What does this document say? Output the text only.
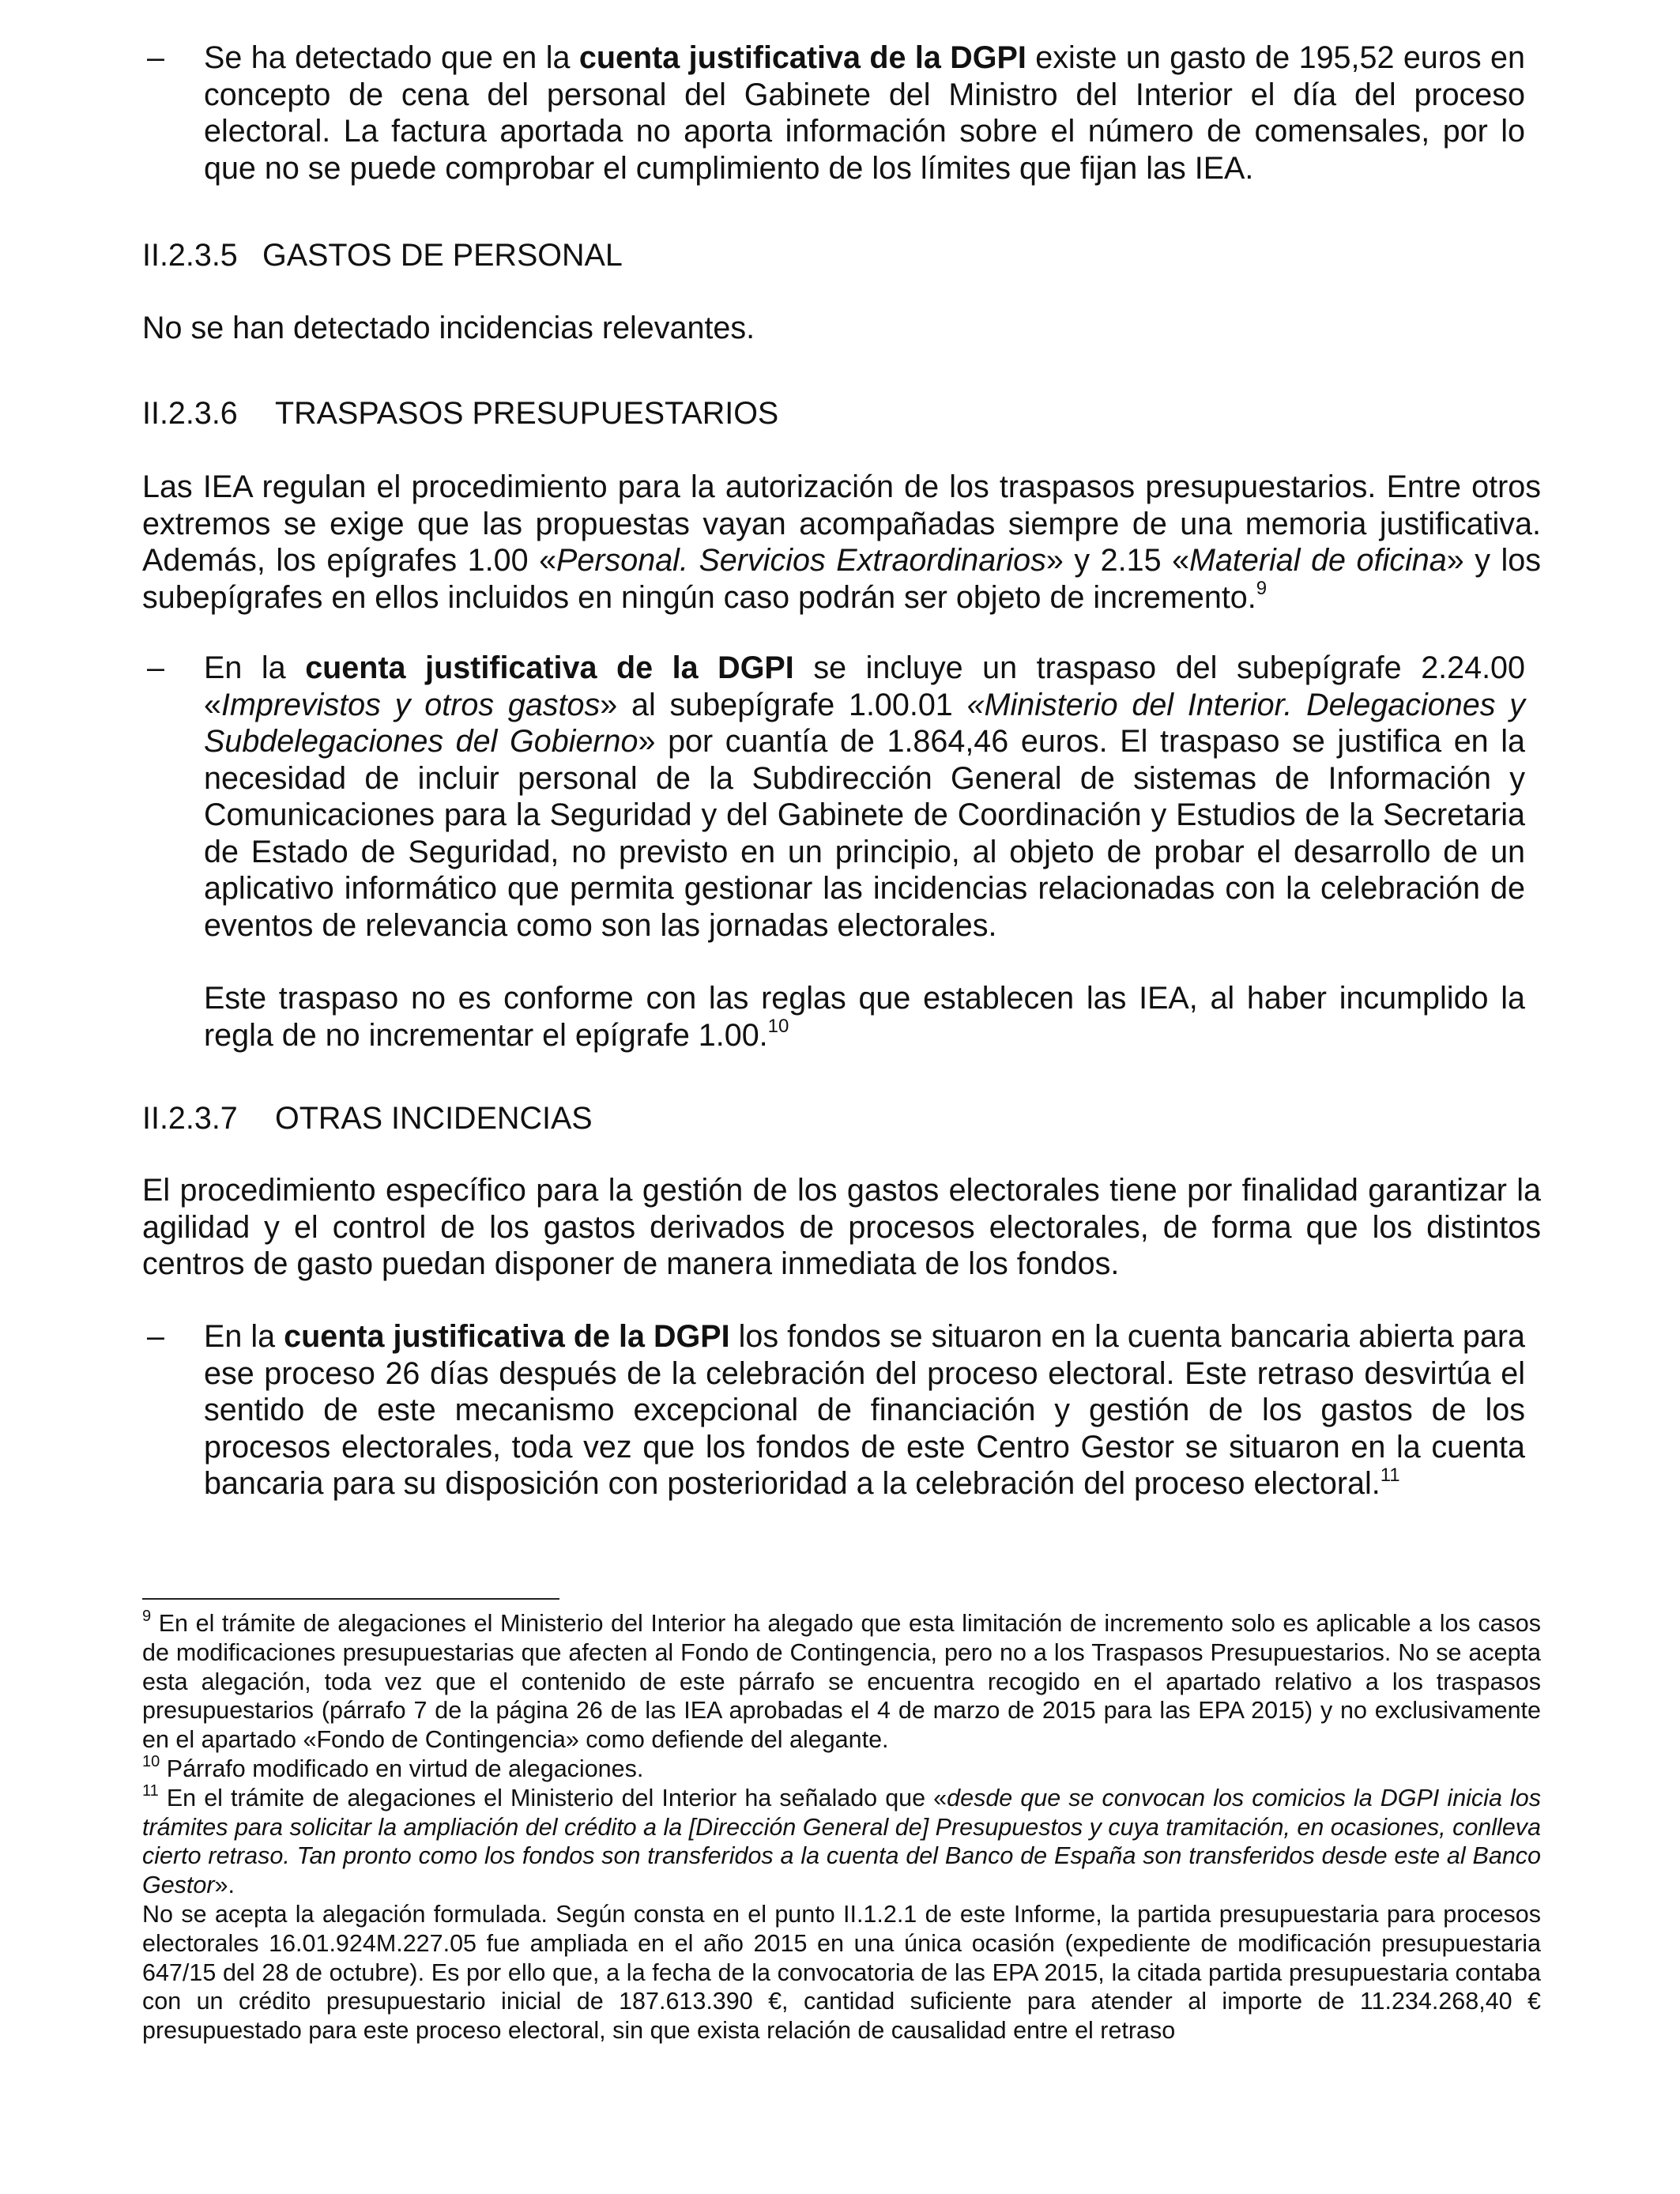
– Se ha detectado que en la cuenta justificativa de la DGPI existe un gasto de 195,52 euros en concepto de cena del personal del Gabinete del Ministro del Interior el día del proceso electoral. La factura aportada no aporta información sobre el número de comensales, por lo que no se puede comprobar el cumplimiento de los límites que fijan las IEA.

II.2.3.5 GASTOS DE PERSONAL

No se han detectado incidencias relevantes.

II.2.3.6 TRASPASOS PRESUPUESTARIOS

Las IEA regulan el procedimiento para la autorización de los traspasos presupuestarios. Entre otros extremos se exige que las propuestas vayan acompañadas siempre de una memoria justificativa. Además, los epígrafes 1.00 «Personal. Servicios Extraordinarios» y 2.15 «Material de oficina» y los subepígrafes en ellos incluidos en ningún caso podrán ser objeto de incremento.$^9$

– En la cuenta justificativa de la DGPI se incluye un traspaso del subepígrafe 2.24.00 «Imprevistos y otros gastos» al subepígrafe 1.00.01 «Ministerio del Interior. Delegaciones y Subdelegaciones del Gobierno» por cuantía de 1.864,46 euros. El traspaso se justifica en la necesidad de incluir personal de la Subdirección General de sistemas de Información y Comunicaciones para la Seguridad y del Gabinete de Coordinación y Estudios de la Secretaria de Estado de Seguridad, no previsto en un principio, al objeto de probar el desarrollo de un aplicativo informático que permita gestionar las incidencias relacionadas con la celebración de eventos de relevancia como son las jornadas electorales.

Este traspaso no es conforme con las reglas que establecen las IEA, al haber incumplido la regla de no incrementar el epígrafe 1.00.10

II.2.3.7 OTRAS INCIDENCIAS

El procedimiento específico para la gestión de los gastos electorales tiene por finalidad garantizar la agilidad y el control de los gastos derivados de procesos electorales, de forma que los distintos centros de gasto puedan disponer de manera inmediata de los fondos.

– En la cuenta justificativa de la DGPI los fondos se situaron en la cuenta bancaria abierta para ese proceso 26 días después de la celebración del proceso electoral. Este retraso desvirtúa el sentido de este mecanismo excepcional de financiación y gestión de los gastos de los procesos electorales, toda vez que los fondos de este Centro Gestor se situaron en la cuenta bancaria para su disposición con posterioridad a la celebración del proceso electoral.$^{11}$

$^9$ En el trámite de alegaciones el Ministerio del Interior ha alegado que esta limitación de incremento solo es aplicable a los casos de modificaciones presupuestarias que afecten al Fondo de Contingencia, pero no a los Traspasos Presupuestarios. No se acepta esta alegación, toda vez que el contenido de este párrafo se encuentra recogido en el apartado relativo a los traspasos presupuestarios (párrafo 7 de la página 26 de las IEA aprobadas el 4 de marzo de 2015 para las EPA 2015) y no exclusivamente en el apartado «Fondo de Contingencia» como defiende del alegante.

$^{10}$ Párrafo modificado en virtud de alegaciones.

$^{11}$ En el trámite de alegaciones el Ministerio del Interior ha señalado que «desde que se convocan los comicios la DGPI inicia los trámites para solicitar la ampliación del crédito a la [Dirección General de] Presupuestos y cuya tramitación, en ocasiones, conlleva cierto retraso. Tan pronto como los fondos son transferidos a la cuenta del Banco de España son transferidos desde este al Banco Gestor».

No se acepta la alegación formulada. Según consta en el punto II.1.2.1 de este Informe, la partida presupuestaria para procesos electorales 16.01.924M.227.05 fue ampliada en el año 2015 en una única ocasión (expediente de modificación presupuestaria 647/15 del 28 de octubre). Es por ello que, a la fecha de la convocatoria de las EPA 2015, la citada partida presupuestaria contaba con un crédito presupuestario inicial de 187.613.390 €, cantidad suficiente para atender al importe de 11.234.268,40 € presupuestado para este proceso electoral, sin que exista relación de causalidad entre el retraso
